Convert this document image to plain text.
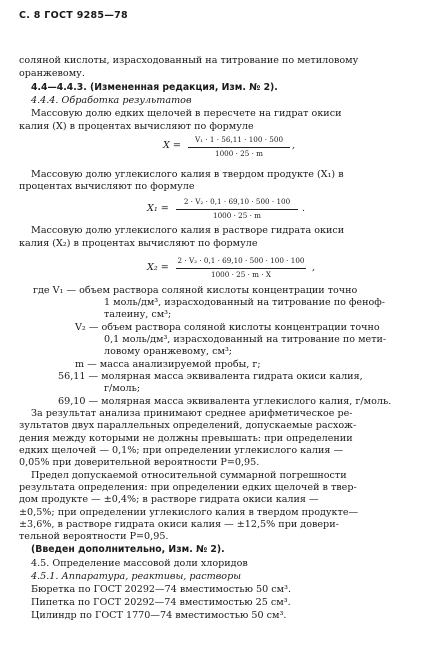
С. 8 ГОСТ 9285—78
соляной кислоты, израсходованный на титрование по метиловому
оранжевому.
4.4—4.4.3. (Измененная редакция, Изм. № 2).
4.4.4. Обработка результатов
Массовую долю едких щелочей в пересчете на гидрат окиси
калия (X) в процентах вычисляют по формуле
X =
V₁ · 1 · 56,11 · 100 · 500
1000 · 25 · m
,
Массовую долю углекислого калия в твердом продукте (X₁) в
процентах вычисляют по формуле
X₁ =
2 · V₂ · 0,1 · 69,10 · 500 · 100
1000 · 25 · m
.
Массовую долю углекислого калия в растворе гидрата окиси
калия (X₂) в процентах вычисляют по формуле
X₂ =
2 · V₂ · 0,1 · 69,10 · 500 · 100 · 100
1000 · 25 · m · X
,
где V₁ — объем раствора соляной кислоты концентрации точно
1 моль/дм³, израсходованный на титрование по феноф-
талеину, см³;
V₂ — объем раствора соляной кислоты концентрации точно
0,1 моль/дм³, израсходованный на титрование по мети-
ловому оранжевому, см³;
m — масса анализируемой пробы, г;
56,11 — молярная масса эквивалента гидрата окиси калия,
г/моль;
69,10 — молярная масса эквивалента углекислого калия, г/моль.
За результат анализа принимают среднее арифметическое ре-
зультатов двух параллельных определений, допускаемые расхож-
дения между которыми не должны превышать: при определении
едких щелочей — 0,1%; при определении углекислого калия —
0,05% при доверительной вероятности P=0,95.
Предел допускаемой относительной суммарной погрешности
результата определения: при определении едких щелочей в твер-
дом продукте — ±0,4%; в растворе гидрата окиси калия —
±0,5%; при определении углекислого калия в твердом продукте—
±3,6%, в растворе гидрата окиси калия — ±12,5% при довери-
тельной вероятности P=0,95.
(Введен дополнительно, Изм. № 2).
4.5. Определение массовой доли хлоридов
4.5.1. Аппаратура, реактивы, растворы
Бюретка по ГОСТ 20292—74 вместимостью 50 см³.
Пипетка по ГОСТ 20292—74 вместимостью 25 см³.
Цилиндр по ГОСТ 1770—74 вместимостью 50 см³.
